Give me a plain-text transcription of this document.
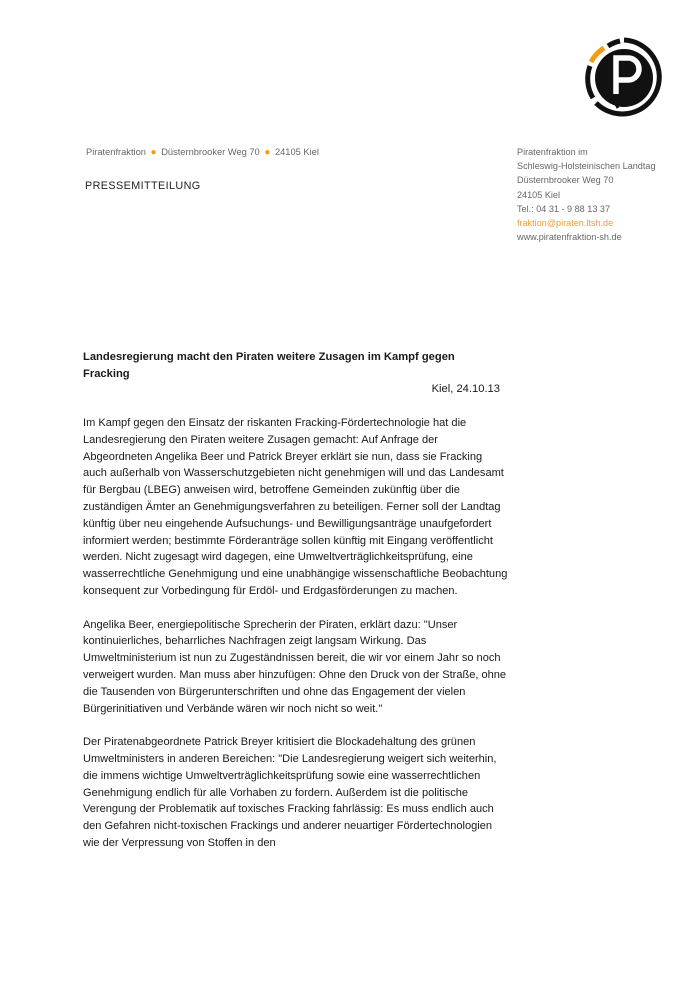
Piratenfraktion ● Düsternbrooker Weg 70 ● 24105 Kiel
PRESSEMITTEILUNG
Piratenfraktion im
Schleswig-Holsteinischen Landtag
Düsternbrooker Weg 70
24105 Kiel
Tel.: 04 31 - 9 88 13 37
fraktion@piraten.ltsh.de
www.piratenfraktion-sh.de
Landesregierung macht den Piraten weitere Zusagen im Kampf gegen Fracking
Kiel, 24.10.13

Im Kampf gegen den Einsatz der riskanten Fracking-Fördertechnologie hat die Landesregierung den Piraten weitere Zusagen gemacht: Auf Anfrage der Abgeordneten Angelika Beer und Patrick Breyer erklärt sie nun, dass sie Fracking auch außerhalb von Wasserschutzgebieten nicht genehmigen will und das Landesamt für Bergbau (LBEG) anweisen wird, betroffene Gemeinden zukünftig über die zuständigen Ämter an Genehmigungsverfahren zu beteiligen. Ferner soll der Landtag künftig über neu eingehende Aufsuchungs- und Bewilligungsanträge unaufgefordert informiert werden; bestimmte Förderanträge sollen künftig mit Eingang veröffentlicht werden. Nicht zugesagt wird dagegen, eine Umweltverträglichkeitsprüfung, eine wasserrechtliche Genehmigung und eine unabhängige wissenschaftliche Beobachtung konsequent zur Vorbedingung für Erdöl- und Erdgasförderungen zu machen.

Angelika Beer, energiepolitische Sprecherin der Piraten, erklärt dazu: "Unser kontinuierliches, beharrliches Nachfragen zeigt langsam Wirkung. Das Umweltministerium ist nun zu Zugeständnissen bereit, die wir vor einem Jahr so noch verweigert wurden. Man muss aber hinzufügen: Ohne den Druck von der Straße, ohne die Tausenden von Bürgerunterschriften und ohne das Engagement der vielen Bürgerinitiativen und Verbände wären wir noch nicht so weit."

Der Piratenabgeordnete Patrick Breyer kritisiert die Blockadehaltung des grünen Umweltministers in anderen Bereichen: "Die Landesregierung weigert sich weiterhin, die immens wichtige Umweltverträglichkeitsprüfung sowie eine wasserrechtlichen Genehmigung endlich für alle Vorhaben zu fordern. Außerdem ist die politische Verengung der Problematik auf toxisches Fracking fahrlässig: Es muss endlich auch den Gefahren nicht-toxischen Frackings und anderer neuartiger Fördertechnologien wie der Verpressung von Stoffen in den
